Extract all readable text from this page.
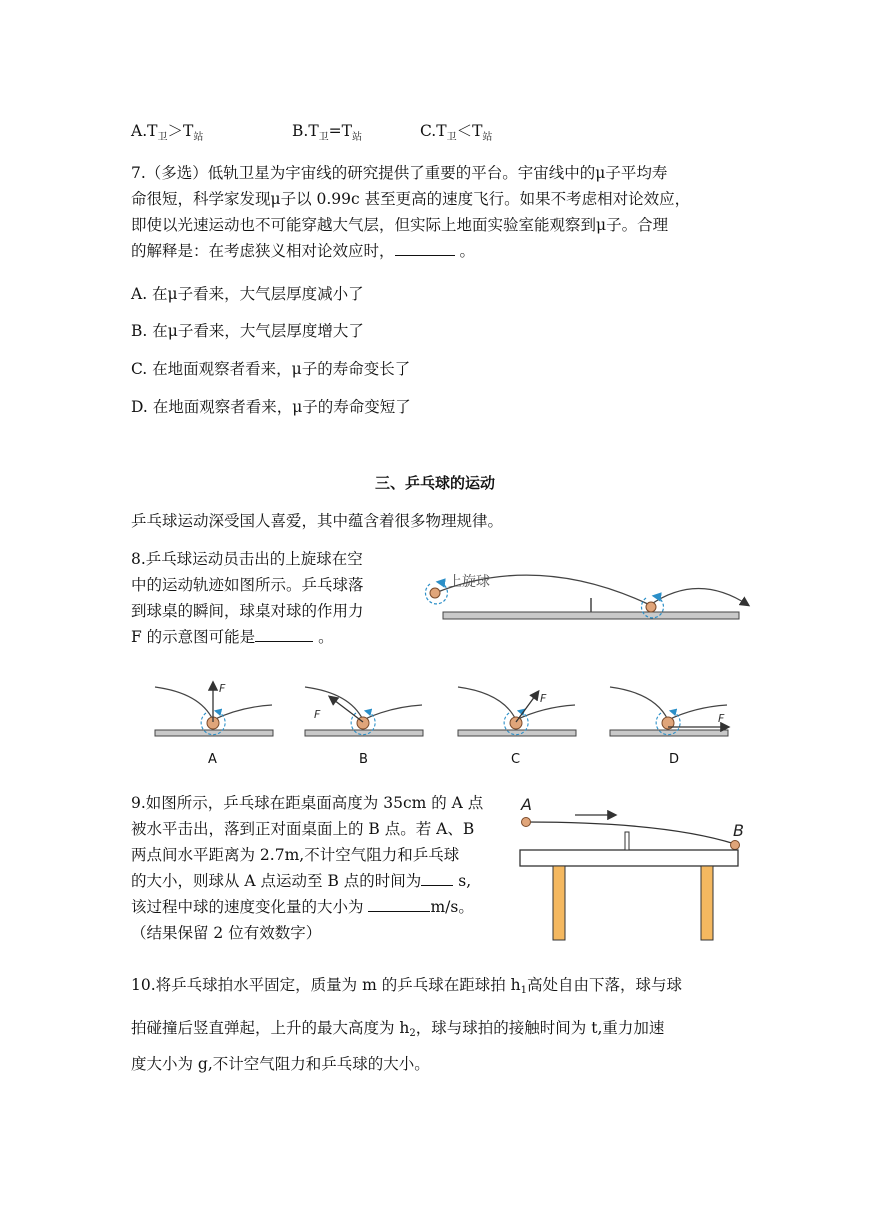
$A.T_卫>T_站$	$B.T_卫=T_站$	$C.T_卫<T_站$
7.（多选）低轨卫星为宇宙线的研究提供了重要的平台。宇宙线中的μ子平均寿
命很短，科学家发现μ子以 0.99c 甚至更高的速度飞行。如果不考虑相对论效应，
即使以光速运动也不可能穿越大气层，但实际上地面实验室能观察到μ子。合理
的解释是：在考虑狭义相对论效应时，	。
A. 在μ子看来，大气层厚度减小了
B. 在μ子看来，大气层厚度增大了
C. 在地面观察者看来，μ子的寿命变长了
D. 在地面观察者看来，μ子的寿命变短了
三、乒乓球的运动
乒乓球运动深受国人喜爱，其中蕴含着很多物理规律。
8.乒乓球运动员击出的上旋球在空
中的运动轨迹如图所示。乒乓球落
到球桌的瞬间，球桌对球的作用力
F 的示意图可能是	。
上旋球
F
F
F
F
A	B	C	D
9.如图所示，乒乓球在距桌面高度为 35cm 的 A 点
被水平击出，落到正对面桌面上的 B 点。若 A、B
两点间水平距离为 2.7m,不计空气阻力和乒乓球
的大小，则球从 A 点运动至 B 点的时间为 s,
该过程中球的速度变化量的大小为	m/s。
（结果保留 2 位有效数字）
A
B
10.将乒乓球拍水平固定，质量为 m 的乒乓球在距球拍 h1高处自由下落，球与球
拍碰撞后竖直弹起，上升的最大高度为 h2，球与球拍的接触时间为 t,重力加速
度大小为 g,不计空气阻力和乒乓球的大小。
